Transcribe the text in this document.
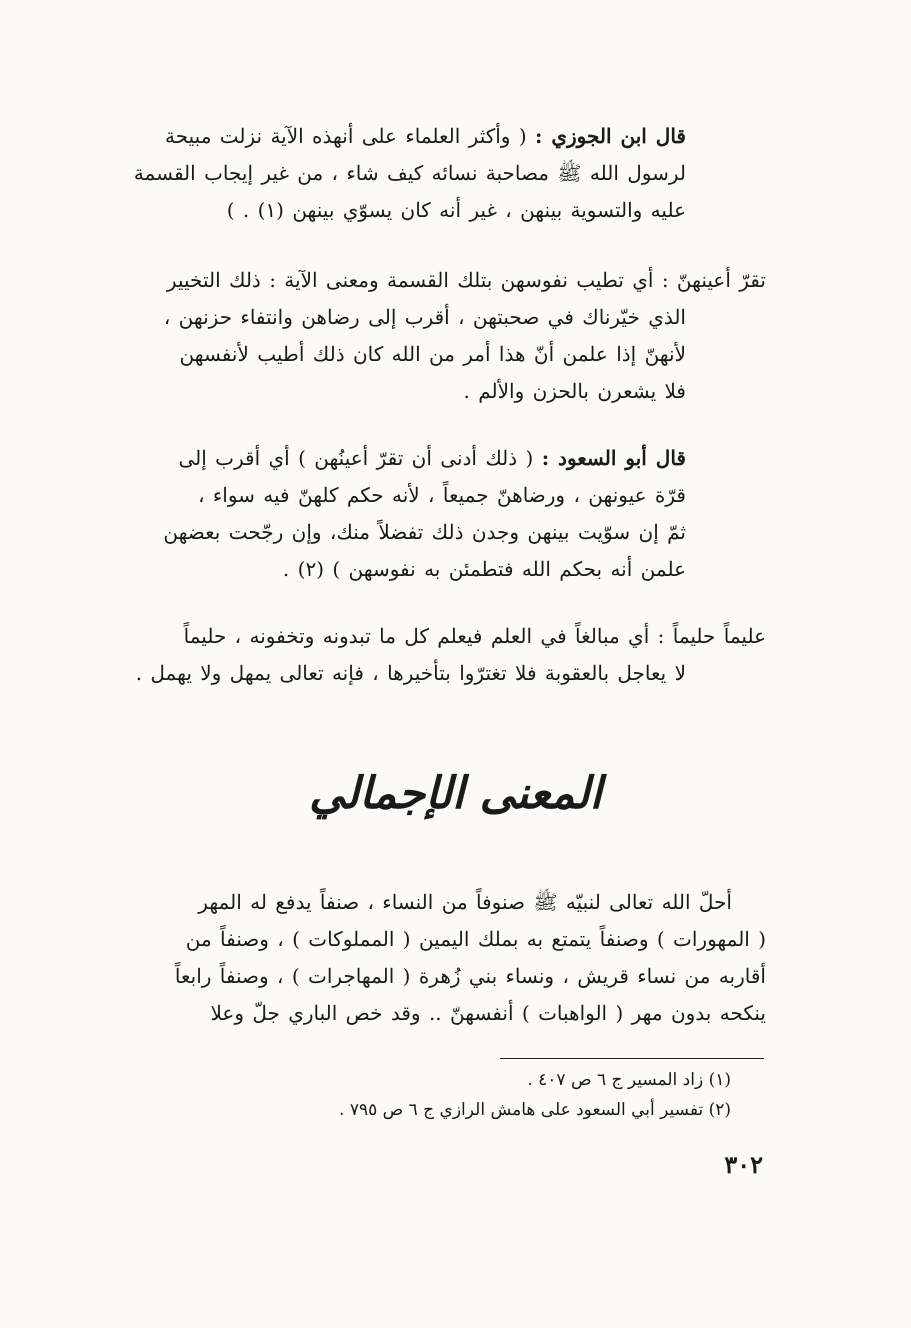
قال ابن الجوزي : ( وأكثر العلماء على أنهذه الآية نزلت مبيحة
لرسول الله ﷺ مصاحبة نسائه كيف شاء ، من غير إيجاب القسمة
عليه والتسوية بينهن ، غير أنه كان يسوّي بينهن (١) . )
تقرّ أعينهنّ : أي تطيب نفوسهن بتلك القسمة ومعنى الآية : ذلك التخيير
الذي خيّرناك في صحبتهن ، أقرب إلى رضاهن وانتفاء حزنهن ،
لأنهنّ إذا علمن أنّ هذا أمر من الله كان ذلك أطيب لأنفسهن
فلا يشعرن بالحزن والألم .
قال أبو السعود : ( ذلك أدنى أن تقرّ أعينُهن ) أي أقرب إلى
قرّة عيونهن ، ورضاهنّ جميعاً ، لأنه حكم كلهنّ فيه سواء ،
ثمّ إن سوّيت بينهن وجدن ذلك تفضلاً منك، وإن رجّحت بعضهن
علمن أنه بحكم الله فتطمئن به نفوسهن ) (٢) .
عليماً حليماً : أي مبالغاً في العلم فيعلم كل ما تبدونه وتخفونه ، حليماً
لا يعاجل بالعقوبة فلا تغترّوا بتأخيرها ، فإنه تعالى يمهل ولا يهمل .
المعنى الإجمالي
أحلّ الله تعالى لنبيّه ﷺ صنوفاً من النساء ، صنفاً يدفع له المهر
( المهورات ) وصنفاً يتمتع به بملك اليمين ( المملوكات ) ، وصنفاً من
أقاربه من نساء قريش ، ونساء بني زُهرة ( المهاجرات ) ، وصنفاً رابعاً
ينكحه بدون مهر ( الواهبات ) أنفسهنّ .. وقد خص الباري جلّ وعلا
(١) زاد المسير ج ٦ ص ٤٠٧ .
(٢) تفسير أبي السعود على هامش الرازي ج ٦ ص ٧٩٥ .
٣٠٢
